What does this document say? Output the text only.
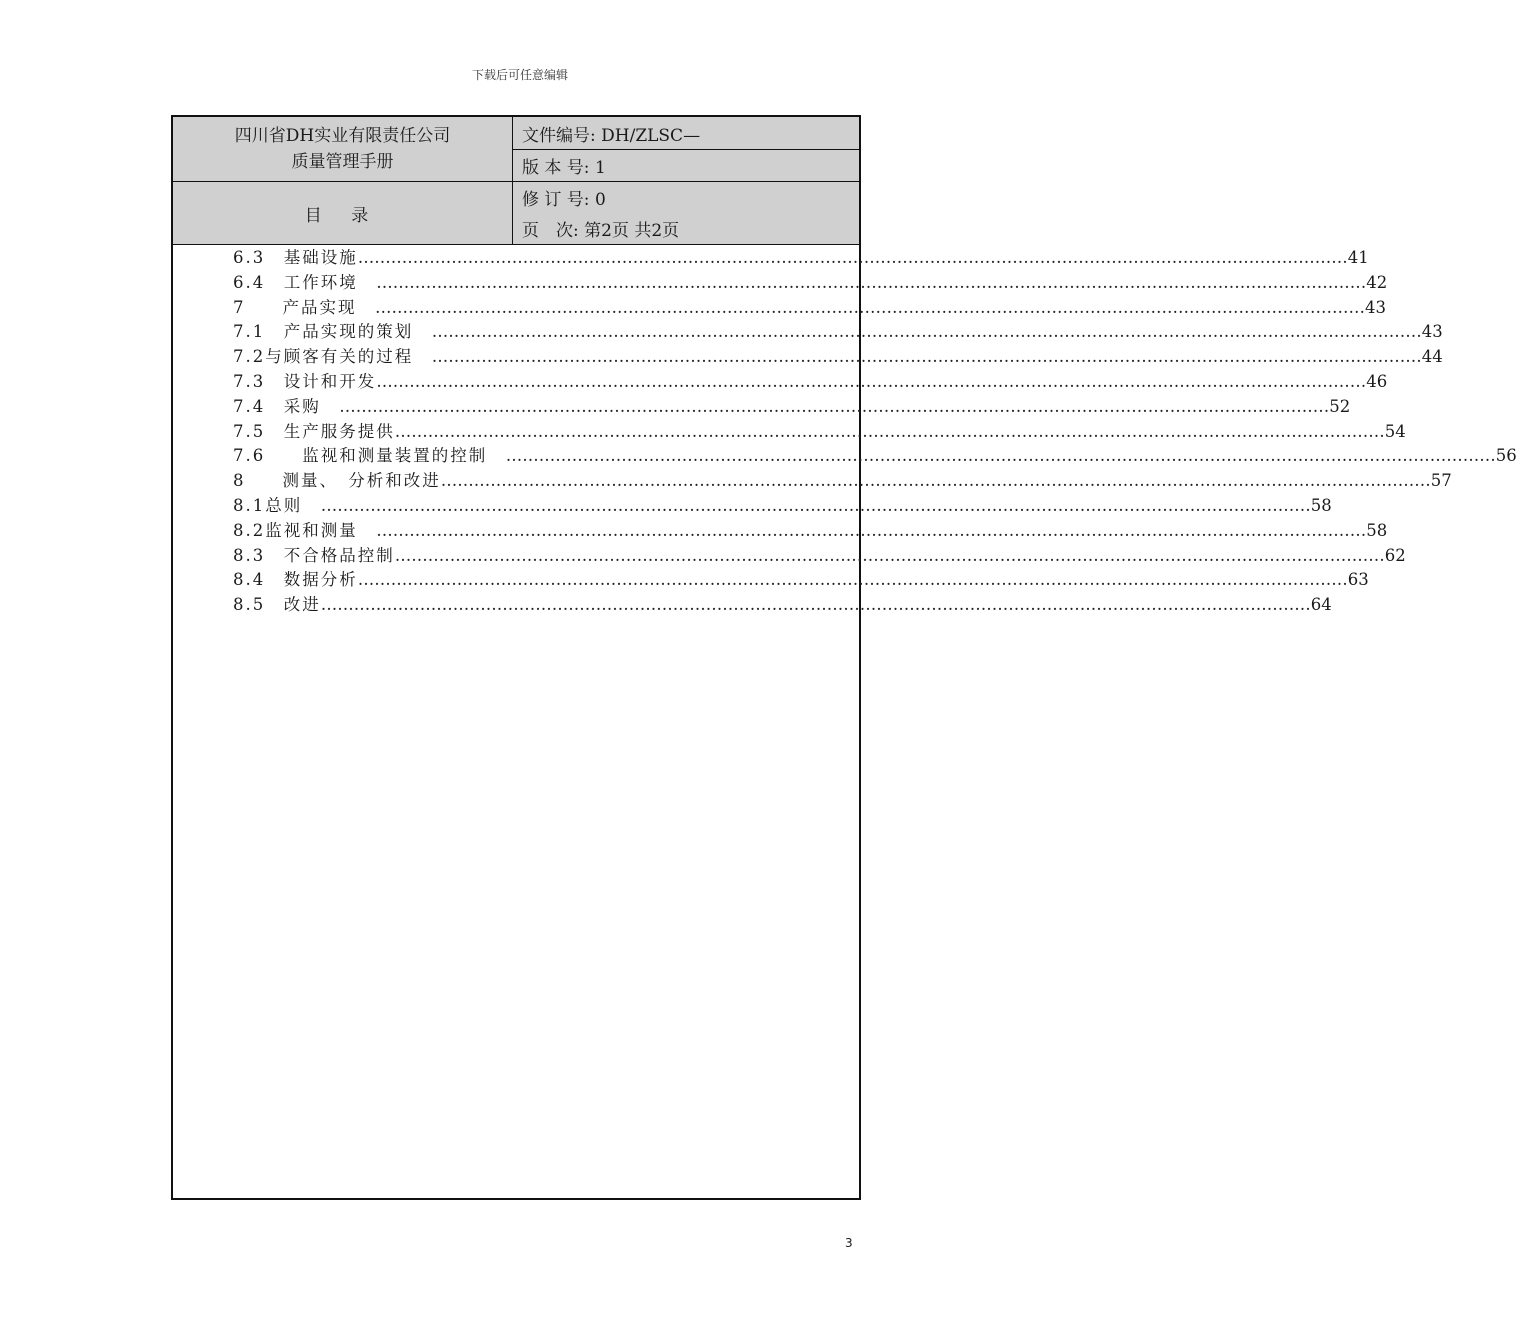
下载后可任意编辑
四川省DH实业有限责任公司
质量管理手册
目 录
文件编号: DH/ZLSC—
版 本 号: 1
修 订 号: 0
页　次: 第2页 共2页
6.3
　 基础设施 ……………………………………………………………………………………………………………………………………………………………… 41
6.4
　 工作环境　 ……………………………………………………………………………………………………………………………………………………………… 42
7
　　 产品实现　 ……………………………………………………………………………………………………………………………………………………………… 43
7.1
　 产品实现的策划　 ……………………………………………………………………………………………………………………………………………………………… 43
7.2 与顾客有关的过程　 ……………………………………………………………………………………………………………………………………………………………… 44
7.3
　 设计和开发 ……………………………………………………………………………………………………………………………………………………………… 46
7.4
　 采购　 ……………………………………………………………………………………………………………………………………………………………… 52
7.5
　 生产服务提供 ……………………………………………………………………………………………………………………………………………………………… 54
7.6
　　 监视和测量装置的控制　 ……………………………………………………………………………………………………………………………………………………………… 56
8
　　 测量、　分析和改进 ……………………………………………………………………………………………………………………………………………………………… 57
8.1 总则　 ……………………………………………………………………………………………………………………………………………………………… 58
8.2 监视和测量　 ……………………………………………………………………………………………………………………………………………………………… 58
8.3
　 不合格品控制 ……………………………………………………………………………………………………………………………………………………………… 62
8.4
　 数据分析 ……………………………………………………………………………………………………………………………………………………………… 63
8.5
　 改进 ……………………………………………………………………………………………………………………………………………………………… 64
3
